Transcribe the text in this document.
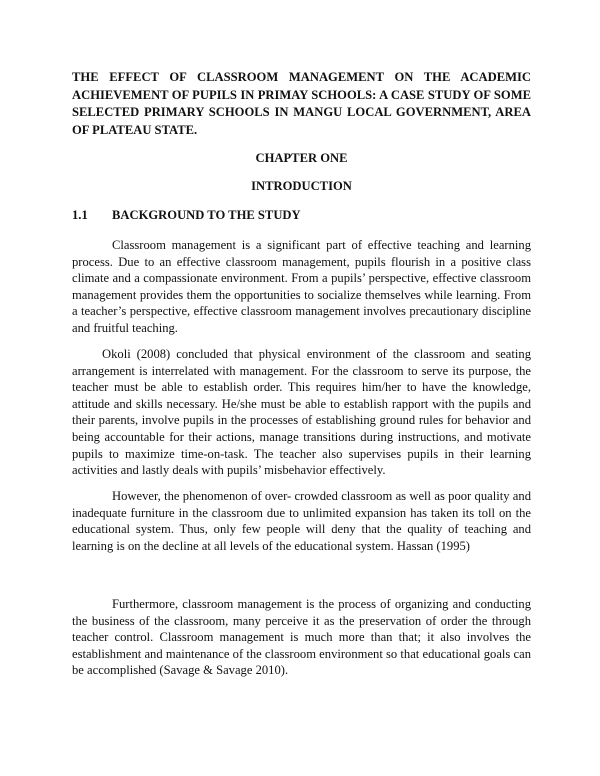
THE EFFECT OF CLASSROOM MANAGEMENT ON THE ACADEMIC ACHIEVEMENT OF PUPILS IN PRIMAY SCHOOLS: A CASE STUDY OF SOME SELECTED PRIMARY SCHOOLS IN MANGU LOCAL GOVERNMENT, AREA OF PLATEAU STATE.

CHAPTER ONE

INTRODUCTION

1.1 BACKGROUND TO THE STUDY

Classroom management is a significant part of effective teaching and learning process. Due to an effective classroom management, pupils flourish in a positive class climate and a compassionate environment. From a pupils’ perspective, effective classroom management provides them the opportunities to socialize themselves while learning. From a teacher’s perspective, effective classroom management involves precautionary discipline and fruitful teaching.

Okoli (2008) concluded that physical environment of the classroom and seating arrangement is interrelated with management. For the classroom to serve its purpose, the teacher must be able to establish order. This requires him/her to have the knowledge, attitude and skills necessary. He/she must be able to establish rapport with the pupils and their parents, involve pupils in the processes of establishing ground rules for behavior and being accountable for their actions, manage transitions during instructions, and motivate pupils to maximize time-on-task. The teacher also supervises pupils in their learning activities and lastly deals with pupils’ misbehavior effectively.

However, the phenomenon of over- crowded classroom as well as poor quality and inadequate furniture in the classroom due to unlimited expansion has taken its toll on the educational system. Thus, only few people will deny that the quality of teaching and learning is on the decline at all levels of the educational system. Hassan (1995)

Furthermore, classroom management is the process of organizing and conducting the business of the classroom, many perceive it as the preservation of order the through teacher control. Classroom management is much more than that; it also involves the establishment and maintenance of the classroom environment so that educational goals can be accomplished (Savage & Savage 2010).
